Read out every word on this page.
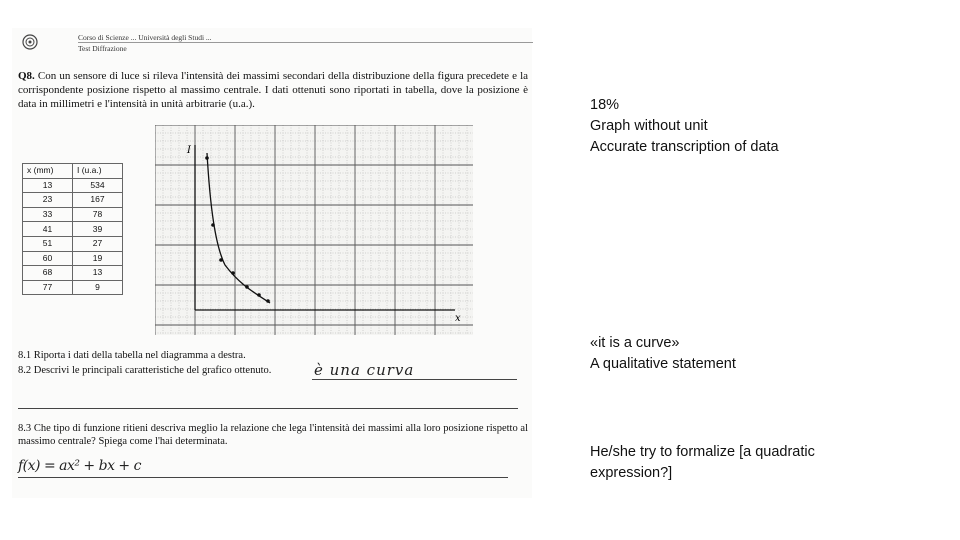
Corso di Scienze ... Università degli Studi ...
Test Diffrazione
Q8. Con un sensore di luce si rileva l'intensità dei massimi secondari della distribuzione della figura precedete e la corrispondente posizione rispetto al massimo centrale. I dati ottenuti sono riportati in tabella, dove la posizione è data in millimetri e l'intensità in unità arbitrarie (u.a.).
x (mm)	I (u.a.)
13	534
23	167
33	78
41	39
51	27
60	19
68	13
77	9
I
x
8.1 Riporta i dati della tabella nel diagramma a destra.
8.2 Descrivi le principali caratteristiche del grafico ottenuto.	è una curva
8.3 Che tipo di funzione ritieni descriva meglio la relazione che lega l'intensità dei massimi alla loro posizione rispetto al massimo centrale? Spiega come l'hai determinata.
f(x) = ax² + bx + c
18%
Graph without unit
Accurate transcription of data
«it is a curve»
A qualitative statement
He/she try to formalize [a quadratic
expression?]
